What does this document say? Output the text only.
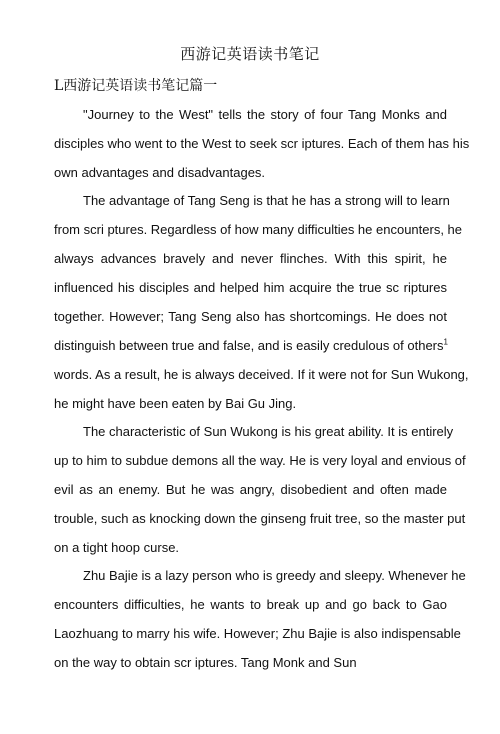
西游记英语读书笔记
L西游记英语读书笔记篇一
"Journey to the West" tells the story of four Tang Monks and
disciples who went to the West to seek scr iptures. Each of them has his
own advantages and disadvantages.
The advantage of Tang Seng is that he has a strong will to learn
from scri ptures. Regardless of how many difficulties he encounters, he
always advances bravely and never flinches. With this spirit, he
influenced his disciples and helped him acquire the true sc riptures
together. However; Tang Seng also has shortcomings. He does not
distinguish between true and false, and is easily credulous of others$^1$
words. As a result, he is always deceived. If it were not for Sun Wukong,
he might have been eaten by Bai Gu Jing.
The characteristic of Sun Wukong is his great ability. It is entirely
up to him to subdue demons all the way. He is very loyal and envious of
evil as an enemy. But he was angry, disobedient and often made
trouble, such as knocking down the ginseng fruit tree, so the master put
on a tight hoop curse.
Zhu Bajie is a lazy person who is greedy and sleepy. Whenever he
encounters difficulties, he wants to break up and go back to Gao
Laozhuang to marry his wife. However; Zhu Bajie is also indispensable
on the way to obtain scr iptures. Tang Monk and Sun
